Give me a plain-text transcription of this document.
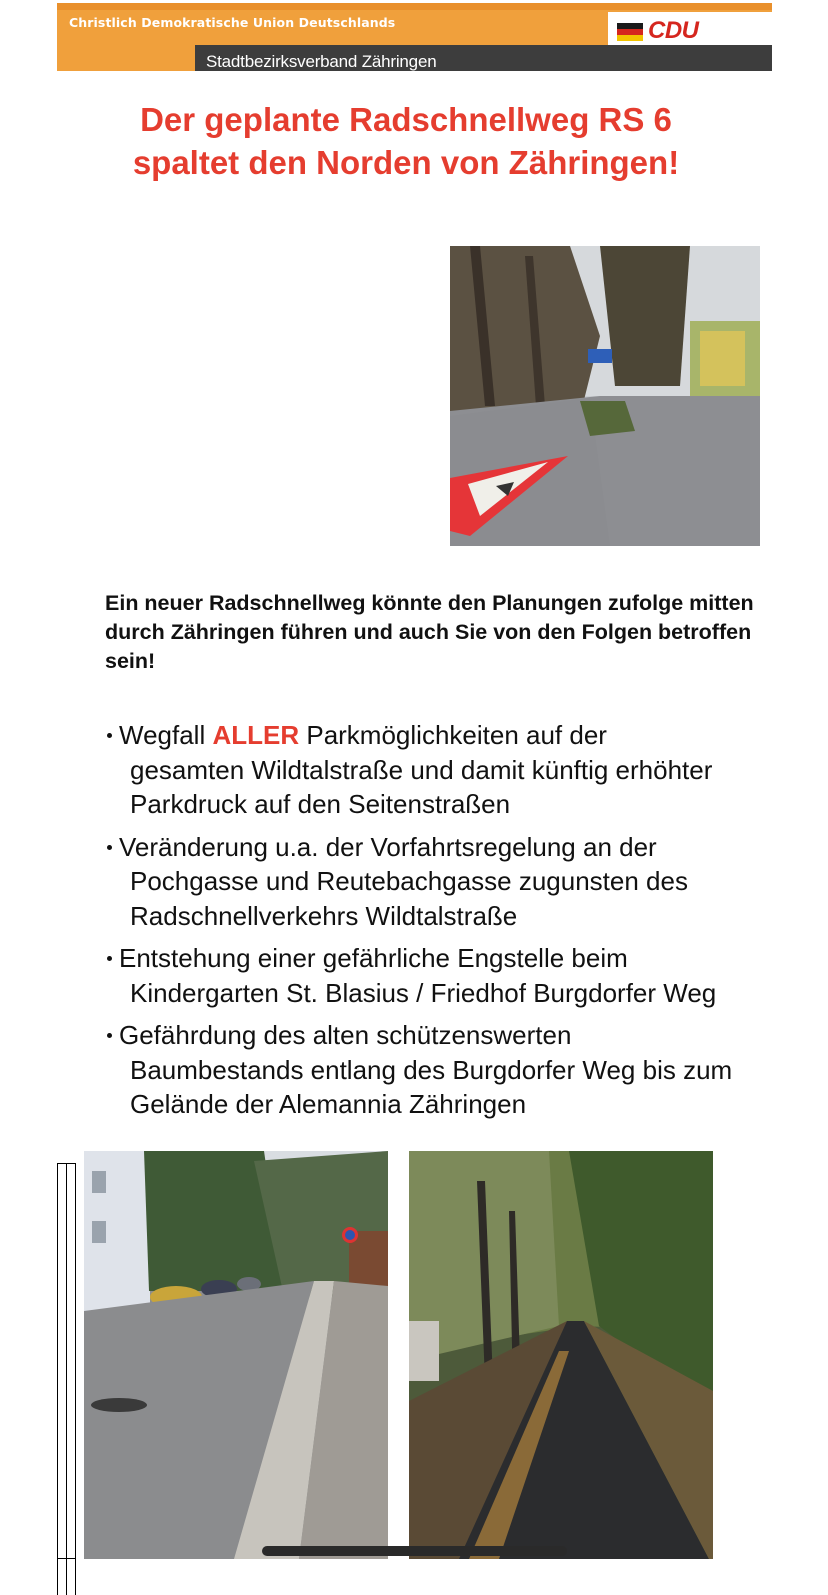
Christlich Demokratische Union Deutschlands
Stadtbezirksverband Zähringen
CDU
Der geplante Radschnellweg RS 6
spaltet den Norden von Zähringen!

Ein neuer Radschnellweg könnte den Planungen zufolge mitten durch Zähringen führen und auch Sie von den Folgen betroffen sein!

Wegfall ALLER Parkmöglichkeiten auf der
gesamten Wildtalstraße und damit künftig erhöhter Parkdruck auf den Seitenstraßen
Veränderung u.a. der Vorfahrtsregelung an der
Pochgasse und Reutebachgasse zugunsten des Radschnellverkehrs Wildtalstraße
Entstehung einer gefährliche Engstelle beim
Kindergarten St. Blasius / Friedhof Burgdorfer Weg
Gefährdung des alten schützenswerten
Baumbestands entlang des Burgdorfer Weg bis zum Gelände der Alemannia Zähringen
